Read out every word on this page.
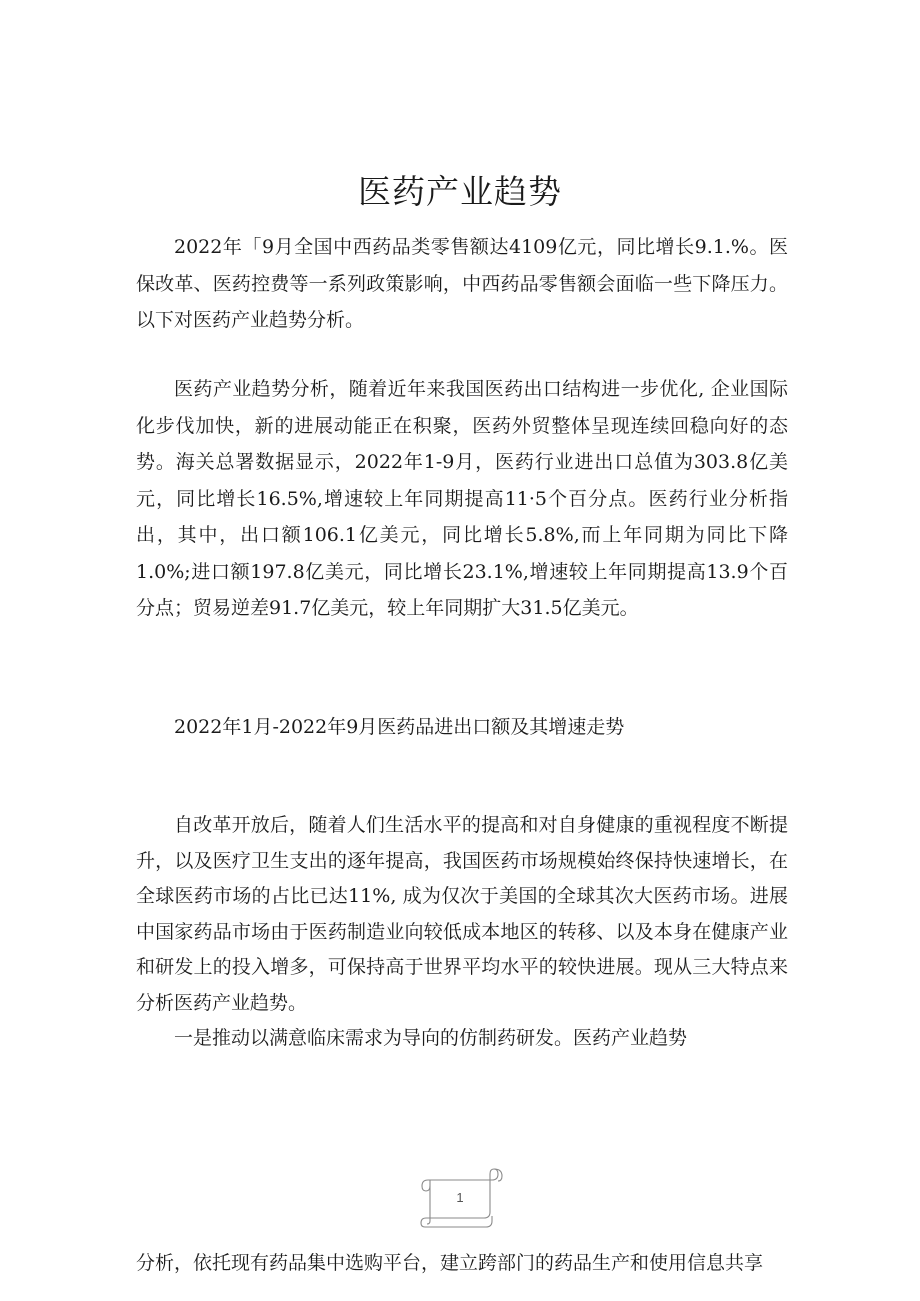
医药产业趋势

2022年「9月全国中西药品类零售额达4109亿元，同比增长9.1.%。医保改革、医药控费等一系列政策影响，中西药品零售额会面临一些下降压力。以下对医药产业趋势分析。

医药产业趋势分析，随着近年来我国医药出口结构进一步优化, 企业国际化步伐加快，新的进展动能正在积聚，医药外贸整体呈现连续回稳向好的态势。海关总署数据显示，2022年1-9月，医药行业进出口总值为303.8亿美元，同比增长16.5%,增速较上年同期提高11·5个百分点。医药行业分析指出，其中，出口额106.1亿美元，同比增长5.8%,而上年同期为同比下降1.0%;进口额197.8亿美元，同比增长23.1%,增速较上年同期提高13.9个百分点；贸易逆差91.7亿美元，较上年同期扩大31.5亿美元。

2022年1月-2022年9月医药品进出口额及其增速走势

自改革开放后，随着人们生活水平的提高和对自身健康的重视程度不断提升，以及医疗卫生支出的逐年提高，我国医药市场规模始终保持快速增长，在全球医药市场的占比已达11%, 成为仅次于美国的全球其次大医药市场。进展中国家药品市场由于医药制造业向较低成本地区的转移、以及本身在健康产业和研发上的投入增多，可保持高于世界平均水平的较快进展。现从三大特点来分析医药产业趋势。

一是推动以满意临床需求为导向的仿制药研发。医药产业趋势

1

分析，依托现有药品集中选购平台，建立跨部门的药品生产和使用信息共享
